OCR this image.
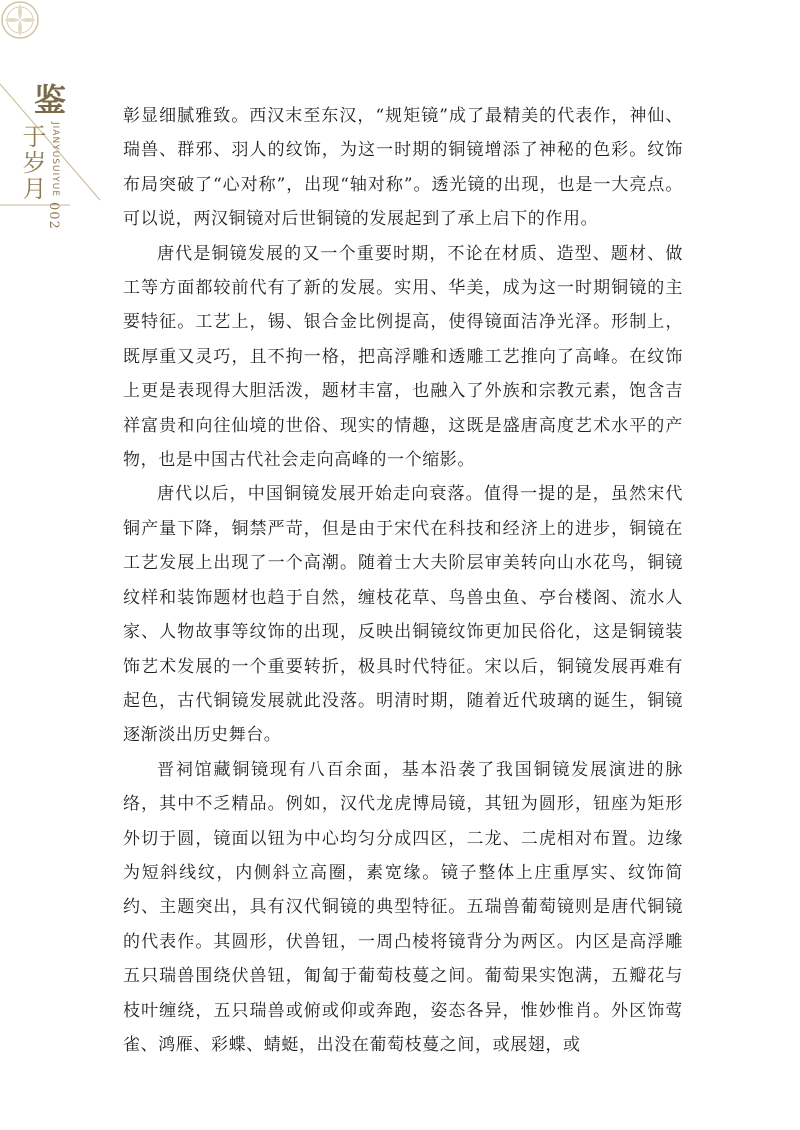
鉴
于岁月 JIANYUSUIYUE
002

彰显细腻雅致。西汉末至东汉，“规矩镜”成了最精美的代表作，神仙、瑞兽、群邪、羽人的纹饰，为这一时期的铜镜增添了神秘的色彩。纹饰布局突破了“心对称”，出现“轴对称”。透光镜的出现，也是一大亮点。可以说，两汉铜镜对后世铜镜的发展起到了承上启下的作用。

唐代是铜镜发展的又一个重要时期，不论在材质、造型、题材、做工等方面都较前代有了新的发展。实用、华美，成为这一时期铜镜的主要特征。工艺上，锡、银合金比例提高，使得镜面洁净光泽。形制上，既厚重又灵巧，且不拘一格，把高浮雕和透雕工艺推向了高峰。在纹饰上更是表现得大胆活泼，题材丰富，也融入了外族和宗教元素，饱含吉祥富贵和向往仙境的世俗、现实的情趣，这既是盛唐高度艺术水平的产物，也是中国古代社会走向高峰的一个缩影。

唐代以后，中国铜镜发展开始走向衰落。值得一提的是，虽然宋代铜产量下降，铜禁严苛，但是由于宋代在科技和经济上的进步，铜镜在工艺发展上出现了一个高潮。随着士大夫阶层审美转向山水花鸟，铜镜纹样和装饰题材也趋于自然，缠枝花草、鸟兽虫鱼、亭台楼阁、流水人家、人物故事等纹饰的出现，反映出铜镜纹饰更加民俗化，这是铜镜装饰艺术发展的一个重要转折，极具时代特征。宋以后，铜镜发展再难有起色，古代铜镜发展就此没落。明清时期，随着近代玻璃的诞生，铜镜逐渐淡出历史舞台。

晋祠馆藏铜镜现有八百余面，基本沿袭了我国铜镜发展演进的脉络，其中不乏精品。例如，汉代龙虎博局镜，其钮为圆形，钮座为矩形外切于圆，镜面以钮为中心均匀分成四区，二龙、二虎相对布置。边缘为短斜线纹，内侧斜立高圈，素宽缘。镜子整体上庄重厚实、纹饰简约、主题突出，具有汉代铜镜的典型特征。五瑞兽葡萄镜则是唐代铜镜的代表作。其圆形，伏兽钮，一周凸棱将镜背分为两区。内区是高浮雕五只瑞兽围绕伏兽钮，匍匐于葡萄枝蔓之间。葡萄果实饱满，五瓣花与枝叶缠绕，五只瑞兽或俯或仰或奔跑，姿态各异，惟妙惟肖。外区饰莺雀、鸿雁、彩蝶、蜻蜓，出没在葡萄枝蔓之间，或展翅，或
